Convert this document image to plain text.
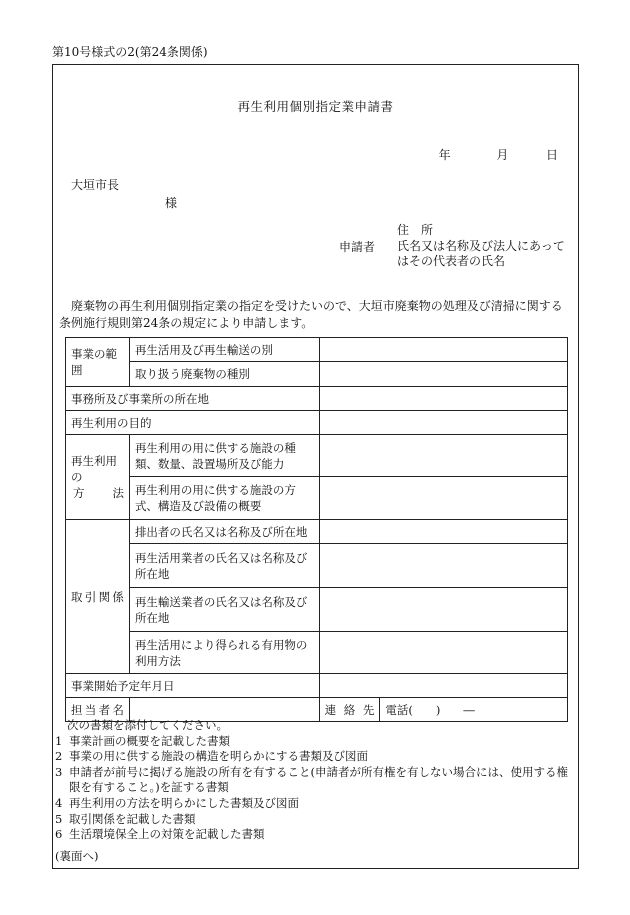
第10号様式の2(第24条関係)
再生利用個別指定業申請書
年	月	日
大垣市長
様
申請者
住　所
氏名又は名称及び法人にあって
はその代表者の氏名
廃棄物の再生利用個別指定業の指定を受けたいので、大垣市廃棄物の処理及び清掃に関する条例施行規則第24条の規定により申請します。
事業の範囲	再生活用及び再生輸送の別		
	取り扱う廃棄物の種別		
事務所及び事業所の所在地			
再生利用の目的			

再生利用の
方 法	再生利用の用に供する施設の種類、数量、設置場所及び能力		
	再生利用の用に供する施設の方式、構造及び設備の概要		
取引関係	排出者の氏名又は名称及び所在地		
	再生活用業者の氏名又は名称及び所在地		
	再生輸送業者の氏名又は名称及び所在地		
	再生活用により得られる有用物の利用方法		
事業開始予定年月日			
担当者名		連絡先	電話(　　)　　―
次の書類を添付してください。
1 事業計画の概要を記載した書類
2 事業の用に供する施設の構造を明らかにする書類及び図面
3 申請者が前号に掲げる施設の所有を有すること(申請者が所有権を有しない場合には、使用する権限を有すること。)を証する書類
4 再生利用の方法を明らかにした書類及び図面
5 取引関係を記載した書類
6 生活環境保全上の対策を記載した書類
(裏面へ)
